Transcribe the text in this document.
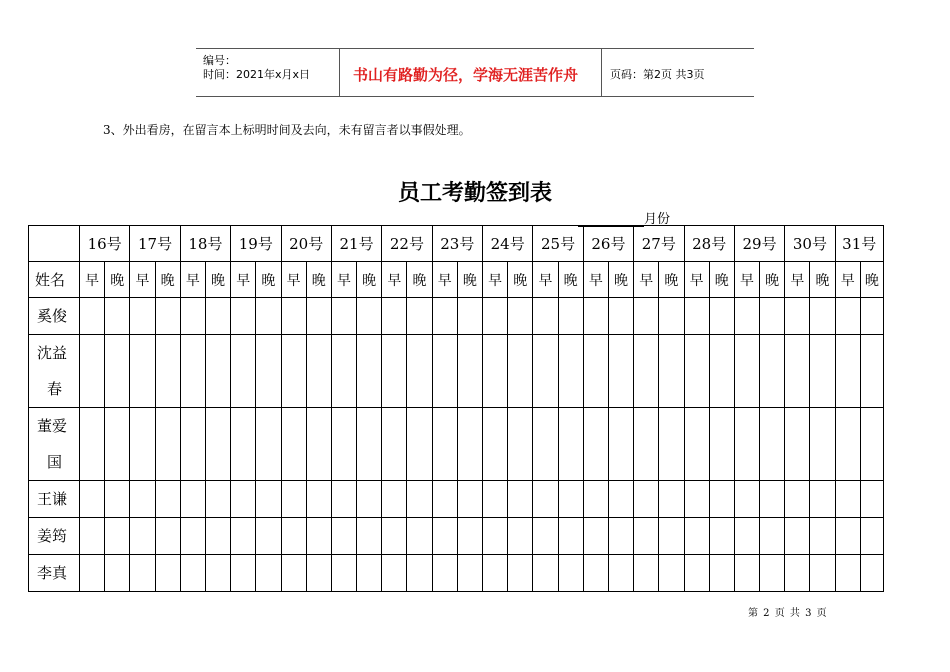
编号：
时间：2021年x月x日	书山有路勤为径，学海无涯苦作舟	页码：第2页 共3页
3、外出看房，在留言本上标明时间及去向，未有留言者以事假处理。
员工考勤签到表
月份
	16号		17号		18号		19号		20号		21号		22号		23号		24号		25号		26号		27号		28号		29号		30号		31号	
姓名	早	晚	早	晚	早	晚	早	晚	早	晚	早	晚	早	晚	早	晚	早	晚	早	晚	早	晚	早	晚	早	晚	早	晚	早	晚	早	晚
奚俊																																

沈益
春																																

董爱
国																																

王谦																																
姜筠																																
李真																																
第 2 页 共 3 页
